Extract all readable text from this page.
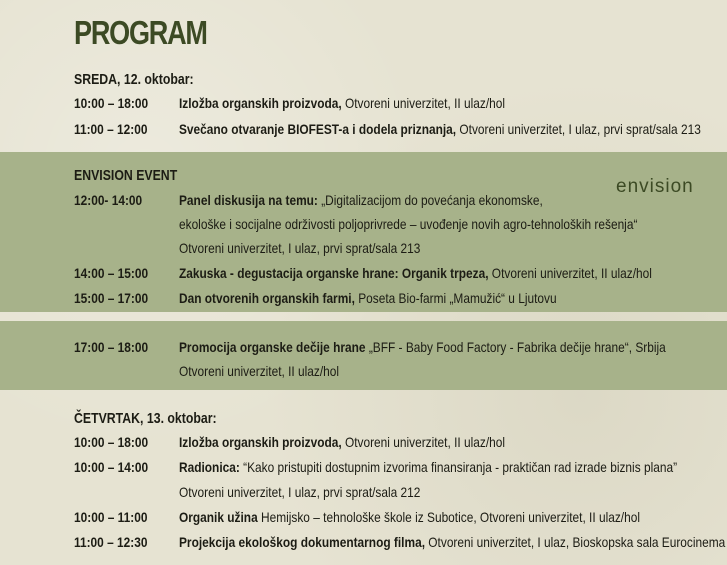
PROGRAM
SREDA, 12. oktobar:
10:00 – 18:00 Izložba organskih proizvoda, Otvoreni univerzitet, II ulaz/hol
11:00 – 12:00 Svečano otvaranje BIOFEST-a i dodela priznanja, Otvoreni univerzitet, I ulaz, prvi sprat/sala 213
ENVISION EVENT
envision
12:00- 14:00	Panel diskusija na temu: „Digitalizacijom do povećanja ekonomske,
ekološke i socijalne održivosti poljoprivrede – uvođenje novih agro-tehnoloških rešenja“
Otvoreni univerzitet, I ulaz, prvi sprat/sala 213
14:00 – 15:00 Zakuska - degustacija organske hrane: Organik trpeza, Otvoreni univerzitet, II ulaz/hol
15:00 – 17:00 Dan otvorenih organskih farmi, Poseta Bio-farmi „Mamužić“ u Ljutovu
17:00 – 18:00 Promocija organske dečije hrane „BFF - Baby Food Factory - Fabrika dečije hrane“, Srbija
Otvoreni univerzitet, II ulaz/hol
ČETVRTAK, 13. oktobar:
10:00 – 18:00 Izložba organskih proizvoda, Otvoreni univerzitet, II ulaz/hol
10:00 – 14:00 Radionica: “Kako pristupiti dostupnim izvorima finansiranja - praktičan rad izrade biznis plana”
Otvoreni univerzitet, I ulaz, prvi sprat/sala 212
10:00 – 11:00 Organik užina Hemijsko – tehnološke škole iz Subotice, Otvoreni univerzitet, II ulaz/hol
11:00 – 12:30 Projekcija ekološkog dokumentarnog filma, Otvoreni univerzitet, I ulaz, Bioskopska sala Eurocinema
